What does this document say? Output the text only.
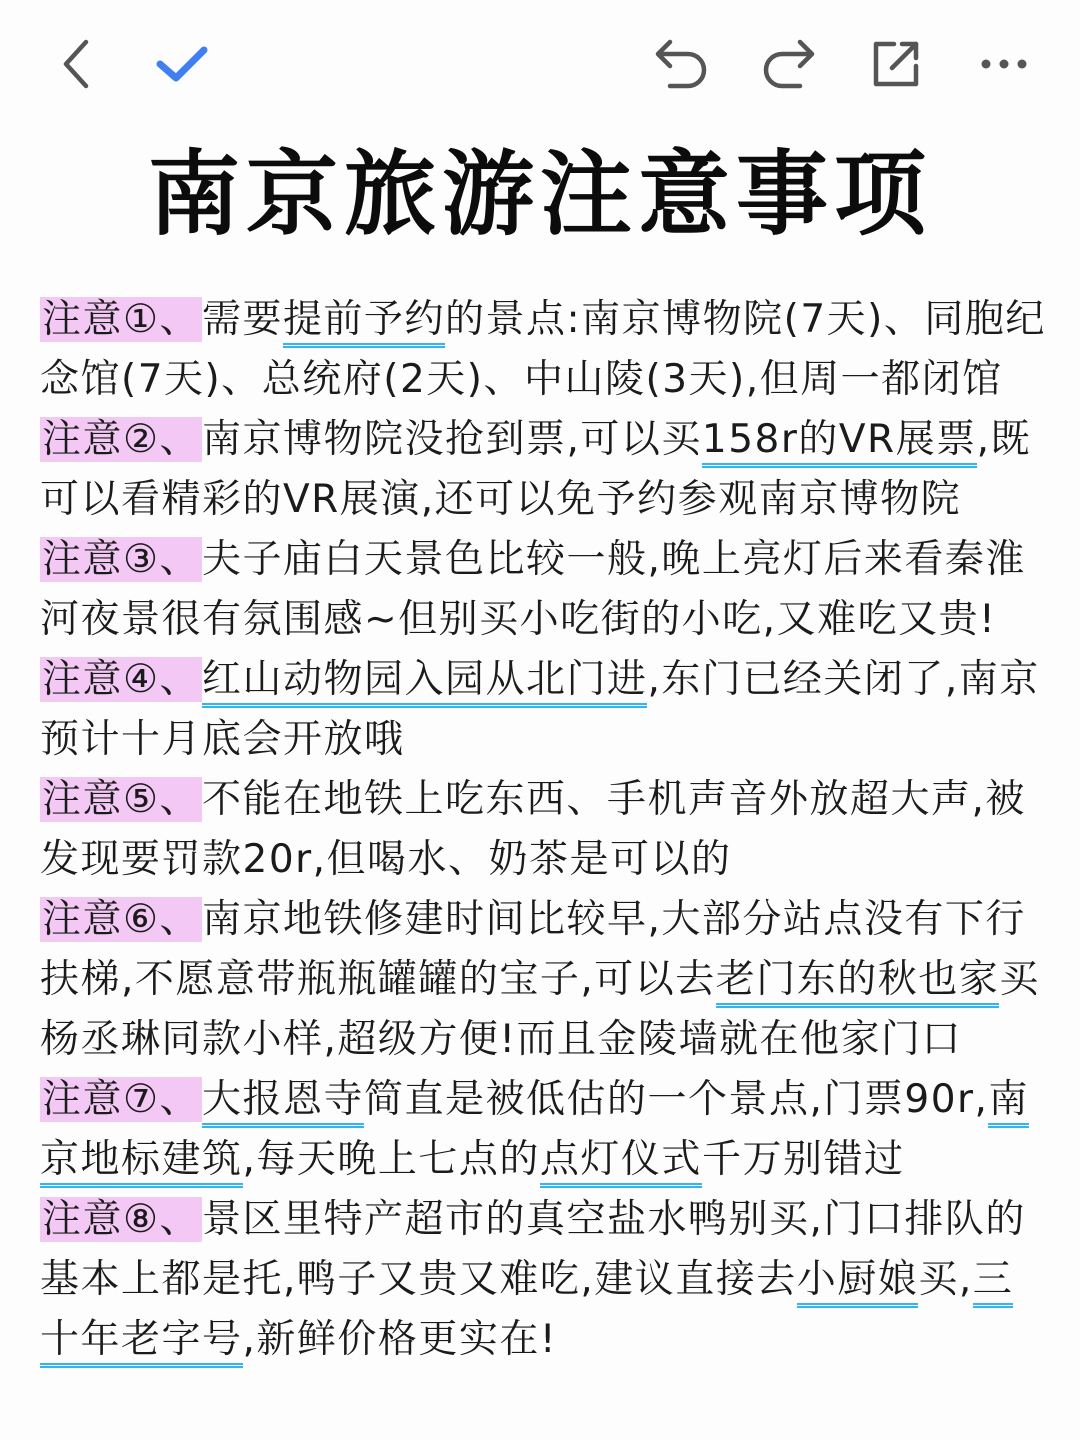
南京旅游注意事项

注意①、需要提前予约的景点:南京博物院(7天)、同胞纪念馆(7天)、总统府(2天)、中山陵(3天),但周一都闭馆

注意②、南京博物院没抢到票,可以买158r的VR展票,既可以看精彩的VR展演,还可以免予约参观南京博物院

注意③、夫子庙白天景色比较一般,晚上亮灯后来看秦淮河夜景很有氛围感~但别买小吃街的小吃,又难吃又贵!

注意④、红山动物园入园从北门进,东门已经关闭了,南京预计十月底会开放哦

注意⑤、不能在地铁上吃东西、手机声音外放超大声,被发现要罚款20r,但喝水、奶茶是可以的

注意⑥、南京地铁修建时间比较早,大部分站点没有下行扶梯,不愿意带瓶瓶罐罐的宝子,可以去老门东的秋也家买杨丞琳同款小样,超级方便!而且金陵墙就在他家门口

注意⑦、大报恩寺简直是被低估的一个景点,门票90r,南京地标建筑,每天晚上七点的点灯仪式千万别错过

注意⑧、景区里特产超市的真空盐水鸭别买,门口排队的基本上都是托,鸭子又贵又难吃,建议直接去小厨娘买,三十年老字号,新鲜价格更实在!
